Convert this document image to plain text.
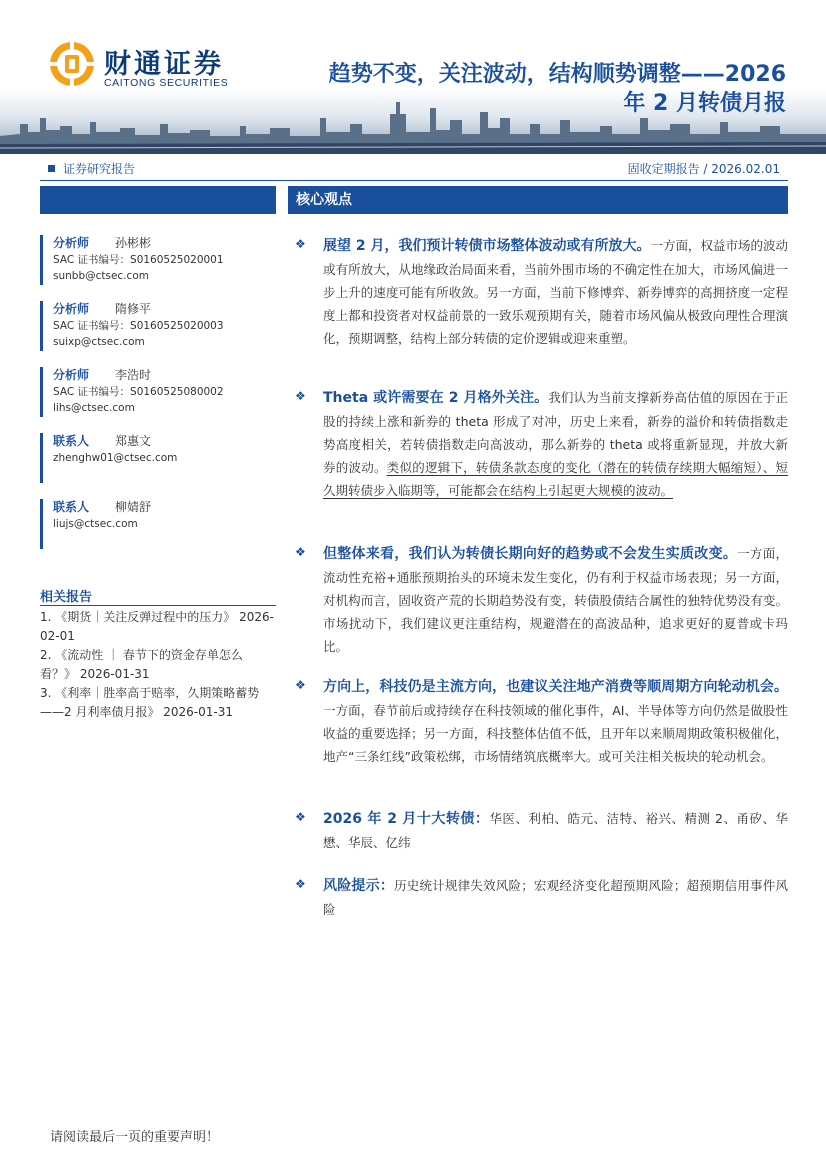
财通证券
CAITONG SECURITIES	趋势不变，关注波动，结构顺势调整——2026
年 2 月转债月报
证券研究报告	固收定期报告 / 2026.02.01
核心观点
分析师 孙彬彬
SAC 证书编号：S0160525020001
sunbb@ctsec.com
分析师 隋修平
SAC 证书编号：S0160525020003
suixp@ctsec.com
分析师 李浩时
SAC 证书编号：S0160525080002
lihs@ctsec.com
联系人 郑惠文
zhenghw01@ctsec.com
联系人 柳婧舒
liujs@ctsec.com
相关报告

1. 《期货｜关注反弹过程中的压力》 2026-02-01

2. 《流动性 ｜ 春节下的资金存单怎么看？》 2026-01-31

3. 《利率｜胜率高于赔率，久期策略蓄势——2 月利率债月报》 2026-01-31

❖ 展望 2 月，我们预计转债市场整体波动或有所放大。一方面，权益市场的波动或有所放大，从地缘政治局面来看，当前外围市场的不确定性在加大，市场风偏进一步上升的速度可能有所收敛。另一方面，当前下修博弈、新券博弈的高拥挤度一定程度上都和投资者对权益前景的一致乐观预期有关，随着市场风偏从极致向理性合理演化，预期调整，结构上部分转债的定价逻辑或迎来重塑。
❖ Theta 或许需要在 2 月格外关注。我们认为当前支撑新券高估值的原因在于正股的持续上涨和新券的 theta 形成了对冲，历史上来看，新券的溢价和转债指数走势高度相关，若转债指数走向高波动，那么新券的 theta 或将重新显现，并放大新券的波动。类似的逻辑下，转债条款态度的变化（潜在的转债存续期大幅缩短）、短久期转债步入临期等，可能都会在结构上引起更大规模的波动。
❖ 但整体来看，我们认为转债长期向好的趋势或不会发生实质改变。一方面，流动性充裕+通胀预期抬头的环境未发生变化，仍有利于权益市场表现；另一方面，对机构而言，固收资产荒的长期趋势没有变，转债股债结合属性的独特优势没有变。市场扰动下，我们建议更注重结构，规避潜在的高波品种，追求更好的夏普或卡玛比。
❖ 方向上，科技仍是主流方向，也建议关注地产消费等顺周期方向轮动机会。一方面，春节前后或持续存在科技领域的催化事件，AI、半导体等方向仍然是做股性收益的重要选择；另一方面，科技整体估值不低，且开年以来顺周期政策积极催化，地产“三条红线”政策松绑，市场情绪筑底概率大。或可关注相关板块的轮动机会。
❖ 2026 年 2 月十大转债：华医、利柏、皓元、洁特、裕兴、精测 2、甬矽、华懋、华辰、亿纬
❖ 风险提示：历史统计规律失效风险；宏观经济变化超预期风险；超预期信用事件风险
请阅读最后一页的重要声明！
